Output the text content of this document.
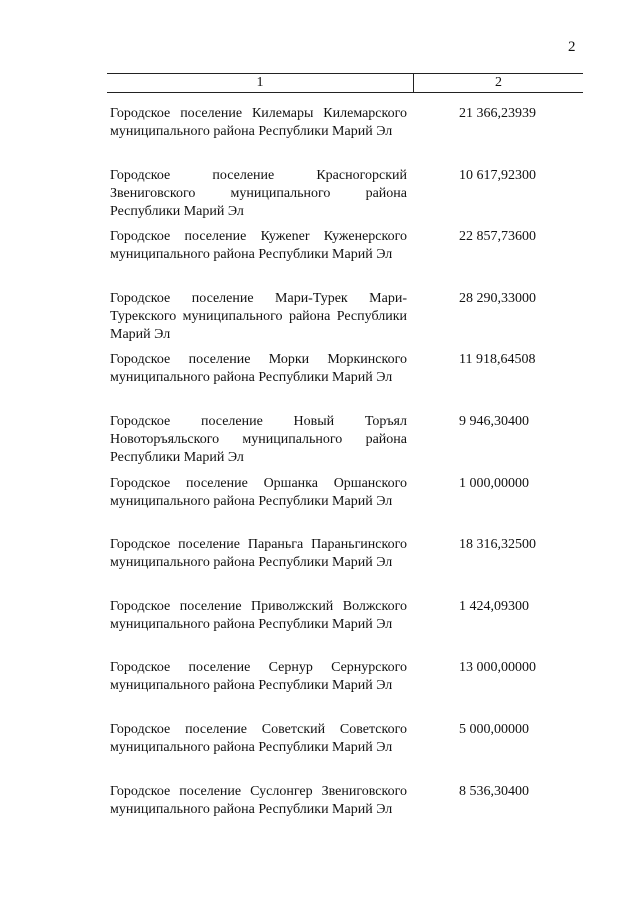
2
1	2
Городское поселение Килемары Килемарского муниципального района Республики Марий Эл
21 366,23939
Городское поселение Красногорский Звениговского муниципального района Республики Марий Эл
10 617,92300
Городское поселение Кужener Куженерского муниципального района Республики Марий Эл
22 857,73600
Городское поселение Мари-Турек Мари-Турекского муниципального района Республики Марий Эл
28 290,33000
Городское поселение Морки Моркинского муниципального района Республики Марий Эл
11 918,64508
Городское поселение Новый Торъял Новоторъяльского муниципального района Республики Марий Эл
9 946,30400
Городское поселение Оршанка Оршанского муниципального района Республики Марий Эл
1 000,00000
Городское поселение Параньга Параньгинского муниципального района Республики Марий Эл
18 316,32500
Городское поселение Приволжский Волжского муниципального района Республики Марий Эл
1 424,09300
Городское поселение Сернур Сернурского муниципального района Республики Марий Эл
13 000,00000
Городское поселение Советский Советского муниципального района Республики Марий Эл
5 000,00000
Городское поселение Суслонгер Звениговского муниципального района Республики Марий Эл
8 536,30400
